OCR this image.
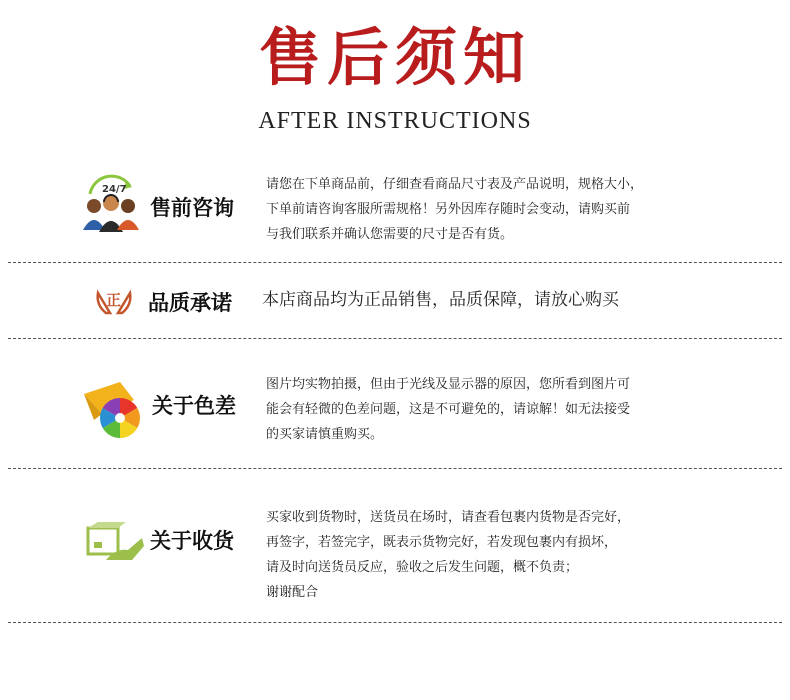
售后须知
AFTER INSTRUCTIONS
24/7
售前咨询
请您在下单商品前，仔细查看商品尺寸表及产品说明，规格大小，
下单前请咨询客服所需规格！另外因库存随时会变动，请购买前
与我们联系并确认您需要的尺寸是否有货。
正 品质承诺 本店商品均为正品销售，品质保障，请放心购买
关于色差
图片均实物拍摄，但由于光线及显示器的原因，您所看到图片可
能会有轻微的色差问题，这是不可避免的，请谅解！如无法接受
的买家请慎重购买。
关于收货
买家收到货物时，送货员在场时，请查看包裹内货物是否完好，
再签字，若签完字，既表示货物完好，若发现包裹内有损坏，
请及时向送货员反应，验收之后发生问题，概不负责；
谢谢配合
